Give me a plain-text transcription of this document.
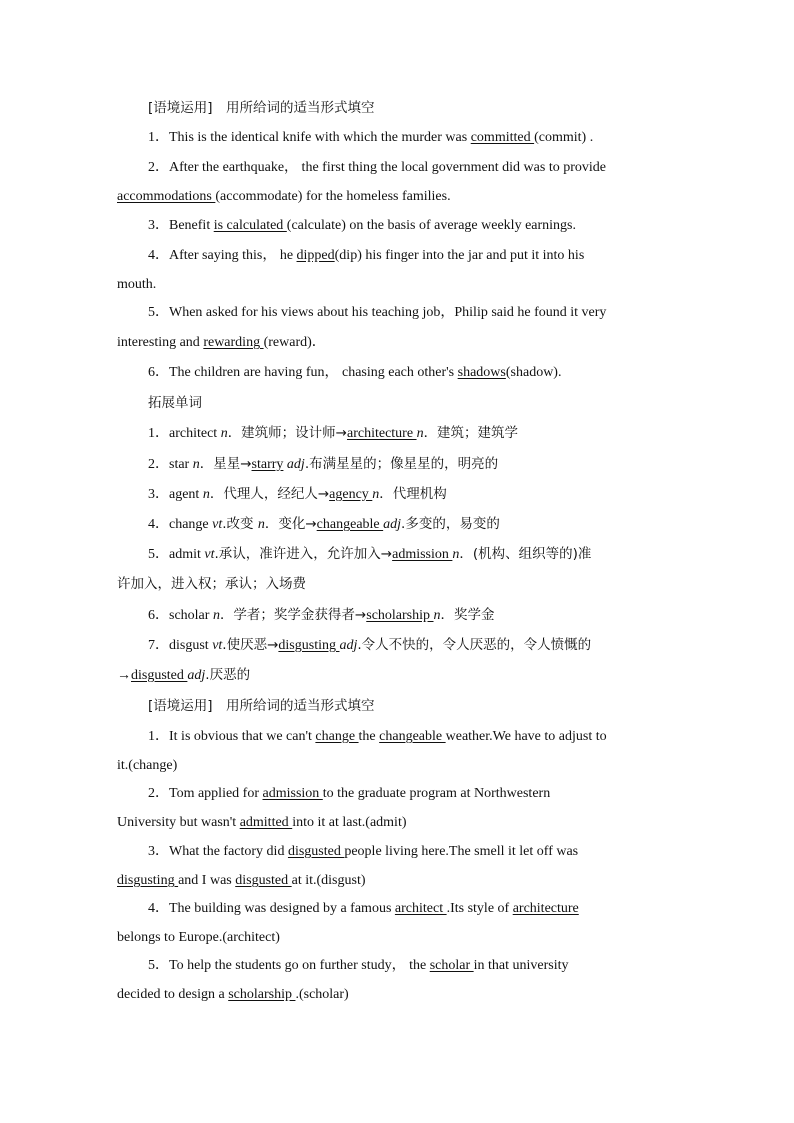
[语境运用]　用所给词的适当形式填空
1．This is the identical knife with which the murder was committed (commit) .
2．After the earthquake， the first thing the local government did was to provide
accommodations (accommodate) for the homeless families.
3．Benefit is calculated (calculate) on the basis of average weekly earnings.
4．After saying this， he dipped(dip) his finger into the jar and put it into his
mouth.
5．When asked for his views about his teaching job，Philip said he found it very
interesting and rewarding (reward)．
6．The children are having fun， chasing each other's shadows(shadow).
拓展单词
1．architect n．建筑师；设计师→architecture n．建筑；建筑学
2．star n．星星→starry adj.布满星星的；像星星的，明亮的
3．agent n．代理人，经纪人→agency n．代理机构
4．change vt.改变 n．变化→changeable adj.多变的，易变的
5．admit vt.承认，准许进入，允许加入→admission n．(机构、组织等的)准
许加入，进入权；承认；入场费
6．scholar n．学者；奖学金获得者→scholarship n．奖学金
7．disgust vt.使厌恶→disgusting adj.令人不快的，令人厌恶的，令人愤慨的
→disgusted adj.厌恶的
[语境运用]　用所给词的适当形式填空
1．It is obvious that we can't change the changeable weather.We have to adjust to
it.(change)
2．Tom applied for admission to the graduate program at Northwestern
University but wasn't admitted into it at last.(admit)
3．What the factory did disgusted people living here.The smell it let off was
disgusting and I was disgusted at it.(disgust)
4．The building was designed by a famous architect .Its style of architecture
belongs to Europe.(architect)
5．To help the students go on further study， the scholar in that university
decided to design a scholarship .(scholar)
